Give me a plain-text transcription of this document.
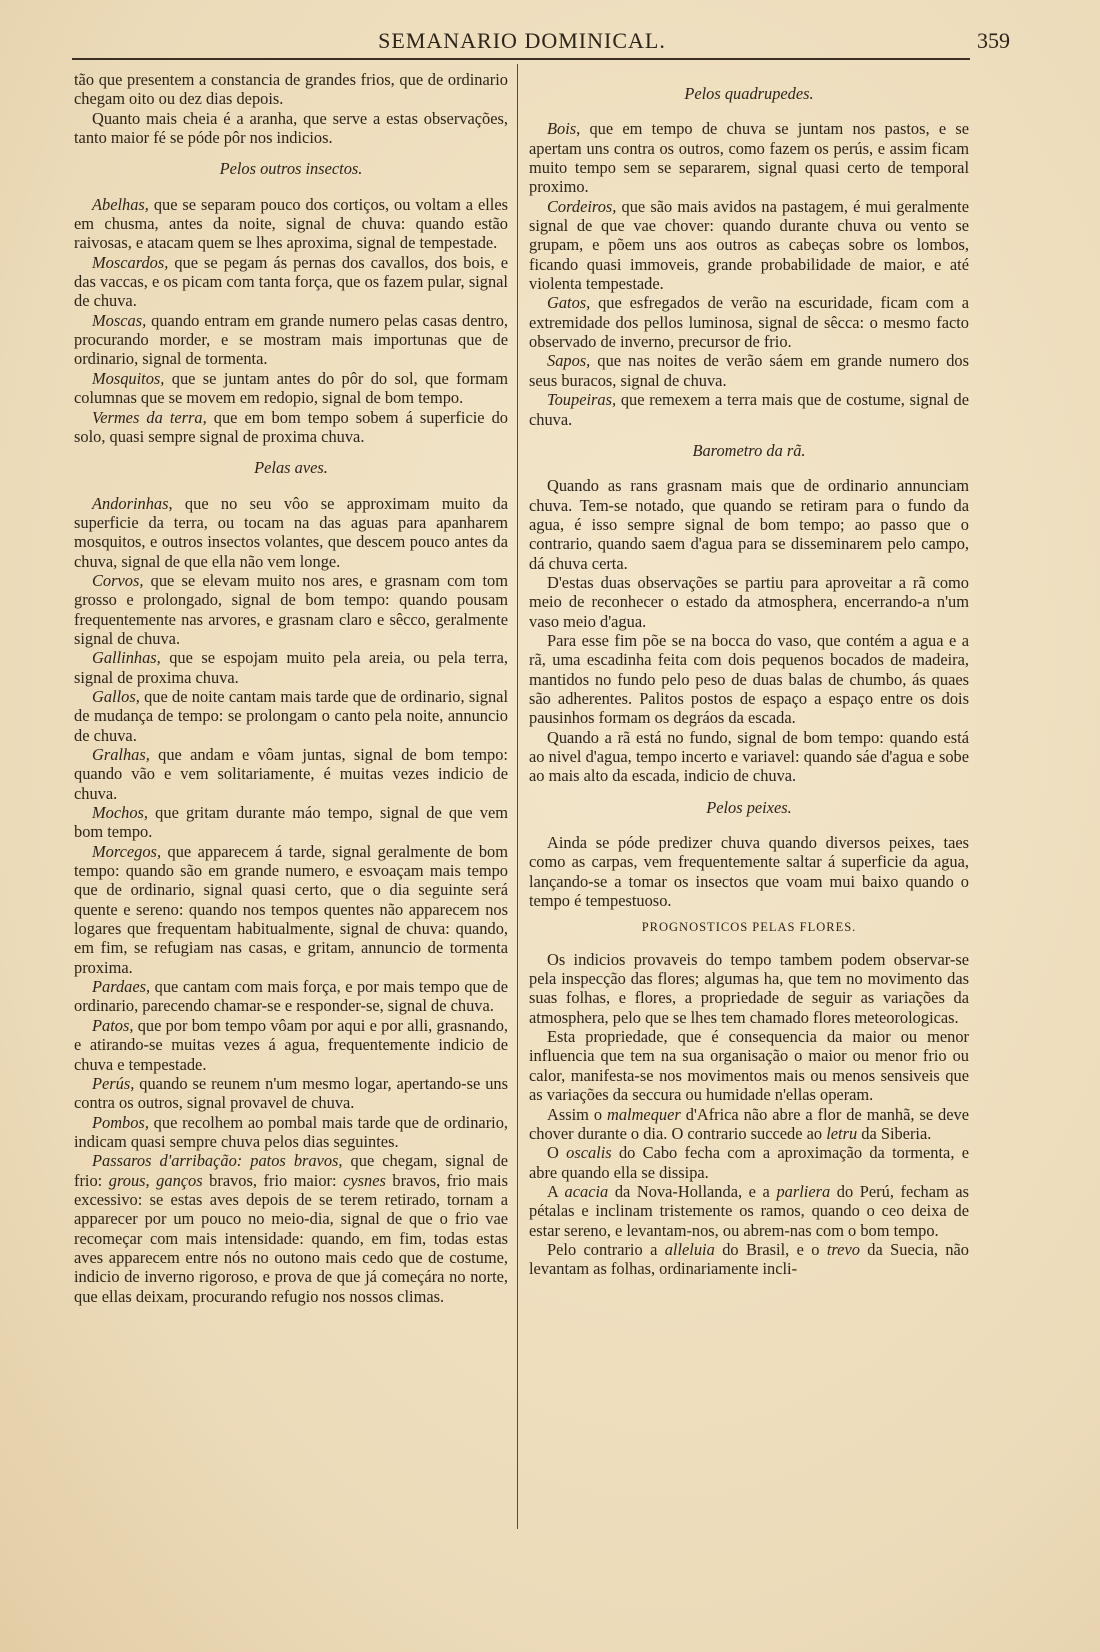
SEMANARIO DOMINICAL.	359

tão que presentem a constancia de grandes frios, que de ordinario chegam oito ou dez dias depois.

Quanto mais cheia é a aranha, que serve a estas observações, tanto maior fé se póde pôr nos indicios.

Pelos outros insectos.

Abelhas, que se separam pouco dos cortiços, ou voltam a elles em chusma, antes da noite, signal de chuva: quando estão raivosas, e atacam quem se lhes aproxima, signal de tempestade.

Moscardos, que se pegam ás pernas dos cavallos, dos bois, e das vaccas, e os picam com tanta força, que os fazem pular, signal de chuva.

Moscas, quando entram em grande numero pelas casas dentro, procurando morder, e se mostram mais importunas que de ordinario, signal de tormenta.

Mosquitos, que se juntam antes do pôr do sol, que formam columnas que se movem em redopio, signal de bom tempo.

Vermes da terra, que em bom tempo sobem á superficie do solo, quasi sempre signal de proxima chuva.

Pelas aves.

Andorinhas, que no seu vôo se approximam muito da superficie da terra, ou tocam na das aguas para apanharem mosquitos, e outros insectos volantes, que descem pouco antes da chuva, signal de que ella não vem longe.

Corvos, que se elevam muito nos ares, e grasnam com tom grosso e prolongado, signal de bom tempo: quando pousam frequentemente nas arvores, e grasnam claro e sêcco, geralmente signal de chuva.

Gallinhas, que se espojam muito pela areia, ou pela terra, signal de proxima chuva.

Gallos, que de noite cantam mais tarde que de ordinario, signal de mudança de tempo: se prolongam o canto pela noite, annuncio de chuva.

Gralhas, que andam e vôam juntas, signal de bom tempo: quando vão e vem solitariamente, é muitas vezes indicio de chuva.

Mochos, que gritam durante máo tempo, signal de que vem bom tempo.

Morcegos, que apparecem á tarde, signal geralmente de bom tempo: quando são em grande numero, e esvoaçam mais tempo que de ordinario, signal quasi certo, que o dia seguinte será quente e sereno: quando nos tempos quentes não apparecem nos logares que frequentam habitualmente, signal de chuva: quando, em fim, se refugiam nas casas, e gritam, annuncio de tormenta proxima.

Pardaes, que cantam com mais força, e por mais tempo que de ordinario, parecendo chamar-se e responder-se, signal de chuva.

Patos, que por bom tempo vôam por aqui e por alli, grasnando, e atirando-se muitas vezes á agua, frequentemente indicio de chuva e tempestade.

Perús, quando se reunem n'um mesmo logar, apertando-se uns contra os outros, signal provavel de chuva.

Pombos, que recolhem ao pombal mais tarde que de ordinario, indicam quasi sempre chuva pelos dias seguintes.

Passaros d'arribação: patos bravos, que chegam, signal de frio: grous, ganços bravos, frio maior: cysnes bravos, frio mais excessivo: se estas aves depois de se terem retirado, tornam a apparecer por um pouco no meio-dia, signal de que o frio vae recomeçar com mais intensidade: quando, em fim, todas estas aves apparecem entre nós no outono mais cedo que de costume, indicio de inverno rigoroso, e prova de que já começára no norte, que ellas deixam, procurando refugio nos nossos climas.

Pelos quadrupedes.

Bois, que em tempo de chuva se juntam nos pastos, e se apertam uns contra os outros, como fazem os perús, e assim ficam muito tempo sem se separarem, signal quasi certo de temporal proximo.

Cordeiros, que são mais avidos na pastagem, é mui geralmente signal de que vae chover: quando durante chuva ou vento se grupam, e põem uns aos outros as cabeças sobre os lombos, ficando quasi immoveis, grande probabilidade de maior, e até violenta tempestade.

Gatos, que esfregados de verão na escuridade, ficam com a extremidade dos pellos luminosa, signal de sêcca: o mesmo facto observado de inverno, precursor de frio.

Sapos, que nas noites de verão sáem em grande numero dos seus buracos, signal de chuva.

Toupeiras, que remexem a terra mais que de costume, signal de chuva.

Barometro da rã.

Quando as rans grasnam mais que de ordinario annunciam chuva. Tem-se notado, que quando se retiram para o fundo da agua, é isso sempre signal de bom tempo; ao passo que o contrario, quando saem d'agua para se disseminarem pelo campo, dá chuva certa.

D'estas duas observações se partiu para aproveitar a rã como meio de reconhecer o estado da atmosphera, encerrando-a n'um vaso meio d'agua.

Para esse fim põe se na bocca do vaso, que contém a agua e a rã, uma escadinha feita com dois pequenos bocados de madeira, mantidos no fundo pelo peso de duas balas de chumbo, ás quaes são adherentes. Palitos postos de espaço a espaço entre os dois pausinhos formam os degráos da escada.

Quando a rã está no fundo, signal de bom tempo: quando está ao nivel d'agua, tempo incerto e variavel: quando sáe d'agua e sobe ao mais alto da escada, indicio de chuva.

Pelos peixes.

Ainda se póde predizer chuva quando diversos peixes, taes como as carpas, vem frequentemente saltar á superficie da agua, lançando-se a tomar os insectos que voam mui baixo quando o tempo é tempestuoso.

PROGNOSTICOS PELAS FLORES.

Os indicios provaveis do tempo tambem podem observar-se pela inspecção das flores; algumas ha, que tem no movimento das suas folhas, e flores, a propriedade de seguir as variações da atmosphera, pelo que se lhes tem chamado flores meteorologicas.

Esta propriedade, que é consequencia da maior ou menor influencia que tem na sua organisação o maior ou menor frio ou calor, manifesta-se nos movimentos mais ou menos sensiveis que as variações da seccura ou humidade n'ellas operam.

Assim o malmequer d'Africa não abre a flor de manhã, se deve chover durante o dia. O contrario succede ao letru da Siberia.

O oscalis do Cabo fecha com a aproximação da tormenta, e abre quando ella se dissipa.

A acacia da Nova-Hollanda, e a parliera do Perú, fecham as pétalas e inclinam tristemente os ramos, quando o ceo deixa de estar sereno, e levantam-nos, ou abrem-nas com o bom tempo.

Pelo contrario a alleluia do Brasil, e o trevo da Suecia, não levantam as folhas, ordinariamente incli-
